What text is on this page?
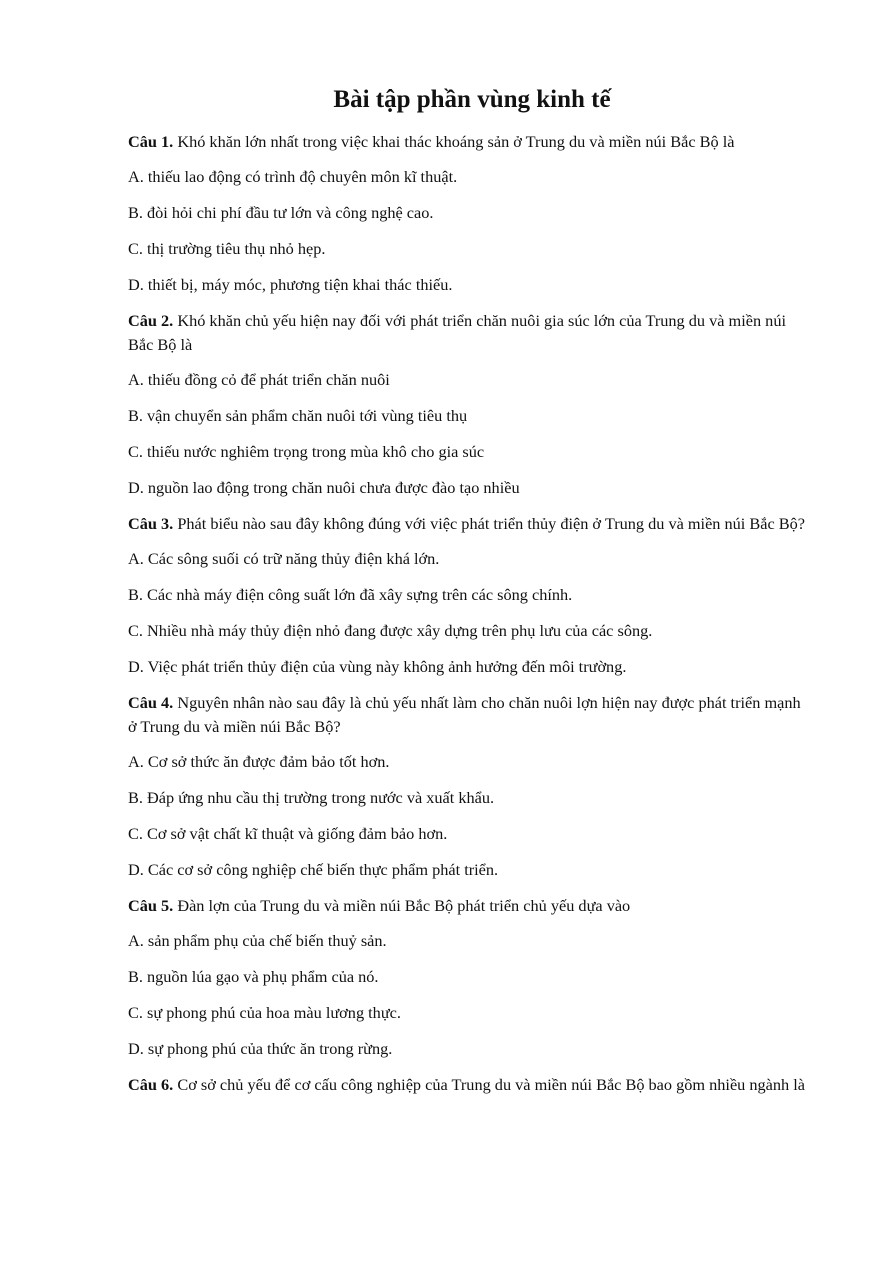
Bài tập phần vùng kinh tế

Câu 1. Khó khăn lớn nhất trong việc khai thác khoáng sản ở Trung du và miền núi Bắc Bộ là

A. thiếu lao động có trình độ chuyên môn kĩ thuật.

B. đòi hỏi chi phí đầu tư lớn và công nghệ cao.

C. thị trường tiêu thụ nhỏ hẹp.

D. thiết bị, máy móc, phương tiện khai thác thiếu.

Câu 2. Khó khăn chủ yếu hiện nay đối với phát triển chăn nuôi gia súc lớn của Trung du và miền núi Bắc Bộ là

A. thiếu đồng cỏ để phát triển chăn nuôi

B. vận chuyển sản phẩm chăn nuôi tới vùng tiêu thụ

C. thiếu nước nghiêm trọng trong mùa khô cho gia súc

D. nguồn lao động trong chăn nuôi chưa được đào tạo nhiều

Câu 3. Phát biểu nào sau đây không đúng với việc phát triển thủy điện ở Trung du và miền núi Bắc Bộ?

A. Các sông suối có trữ năng thủy điện khá lớn.

B. Các nhà máy điện công suất lớn đã xây sựng trên các sông chính.

C. Nhiều nhà máy thủy điện nhỏ đang được xây dựng trên phụ lưu của các sông.

D. Việc phát triển thủy điện của vùng này không ảnh hưởng đến môi trường.

Câu 4. Nguyên nhân nào sau đây là chủ yếu nhất làm cho chăn nuôi lợn hiện nay được phát triển mạnh ở Trung du và miền núi Bắc Bộ?

A. Cơ sở thức ăn được đảm bảo tốt hơn.

B. Đáp ứng nhu cầu thị trường trong nước và xuất khẩu.

C. Cơ sở vật chất kĩ thuật và giống đảm bảo hơn.

D. Các cơ sở công nghiệp chế biến thực phẩm phát triển.

Câu 5. Đàn lợn của Trung du và miền núi Bắc Bộ phát triển chủ yếu dựa vào

A. sản phẩm phụ của chế biến thuỷ sản.

B. nguồn lúa gạo và phụ phẩm của nó.

C. sự phong phú của hoa màu lương thực.

D. sự phong phú của thức ăn trong rừng.

Câu 6. Cơ sở chủ yếu để cơ cấu công nghiệp của Trung du và miền núi Bắc Bộ bao gồm nhiều ngành là
